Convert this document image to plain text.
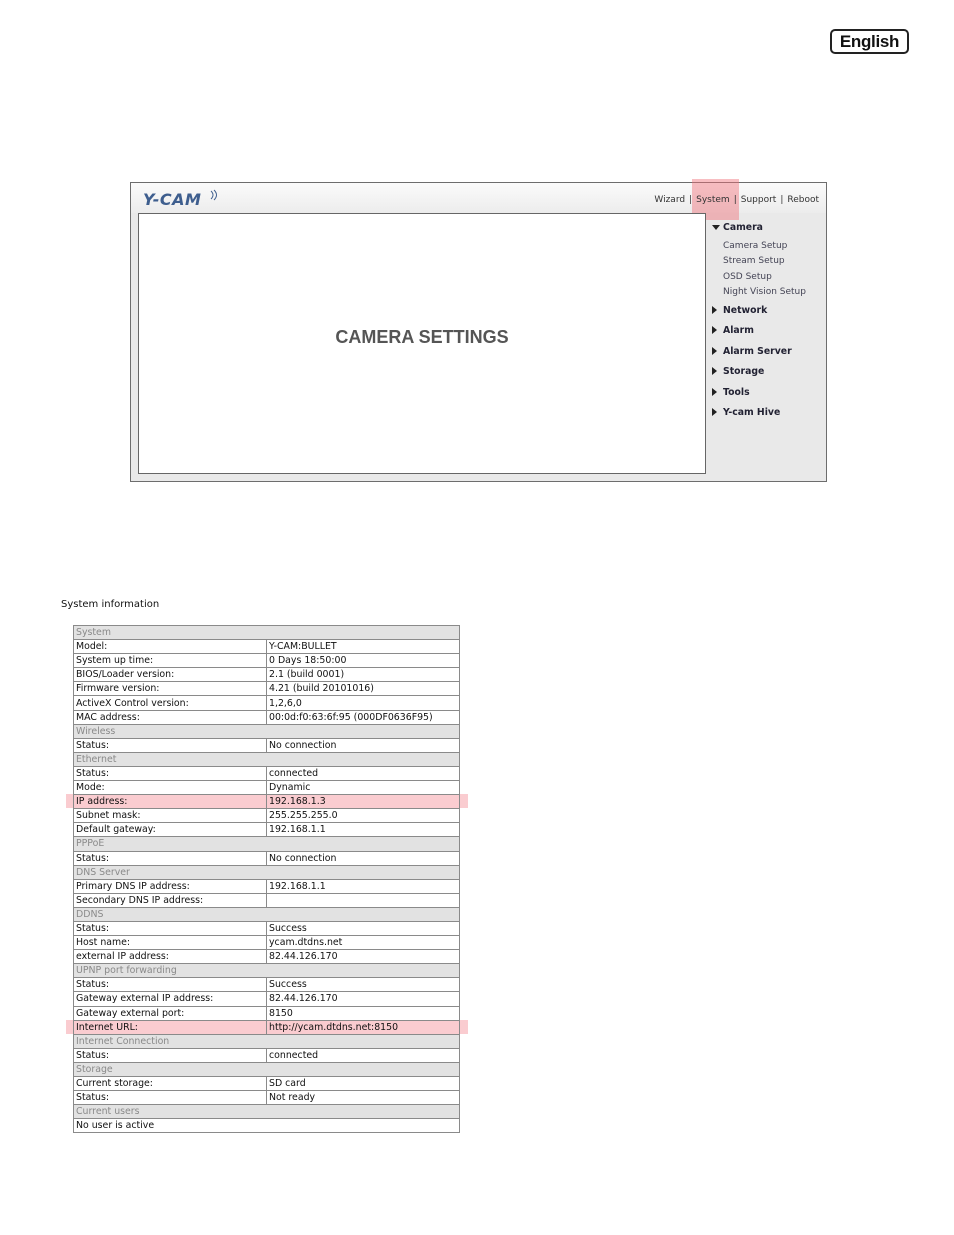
English
Y-CAM	Wizard | System | Support | Reboot
CAMERA SETTINGS
Camera
Camera Setup
Stream Setup
OSD Setup
Night Vision Setup
Network
Alarm
Alarm Server
Storage
Tools
Y-cam Hive
System information
System	
Model:	Y-CAM:BULLET
System up time:	0 Days 18:50:00
BIOS/Loader version:	2.1 (build 0001)
Firmware version:	4.21 (build 20101016)
ActiveX Control version:	1,2,6,0
MAC address:	00:0d:f0:63:6f:95 (000DF0636F95)
Wireless	
Status:	No connection
Ethernet	
Status:	connected
Mode:	Dynamic
IP address:	192.168.1.3
Subnet mask:	255.255.255.0
Default gateway:	192.168.1.1
PPPoE	
Status:	No connection
DNS Server	
Primary DNS IP address:	192.168.1.1
Secondary DNS IP address:	
DDNS	
Status:	Success
Host name:	ycam.dtdns.net
external IP address:	82.44.126.170
UPNP port forwarding	
Status:	Success
Gateway external IP address:	82.44.126.170
Gateway external port:	8150
Internet URL:	http://ycam.dtdns.net:8150
Internet Connection	
Status:	connected
Storage	
Current storage:	SD card
Status:	Not ready
Current users	
No user is active	
